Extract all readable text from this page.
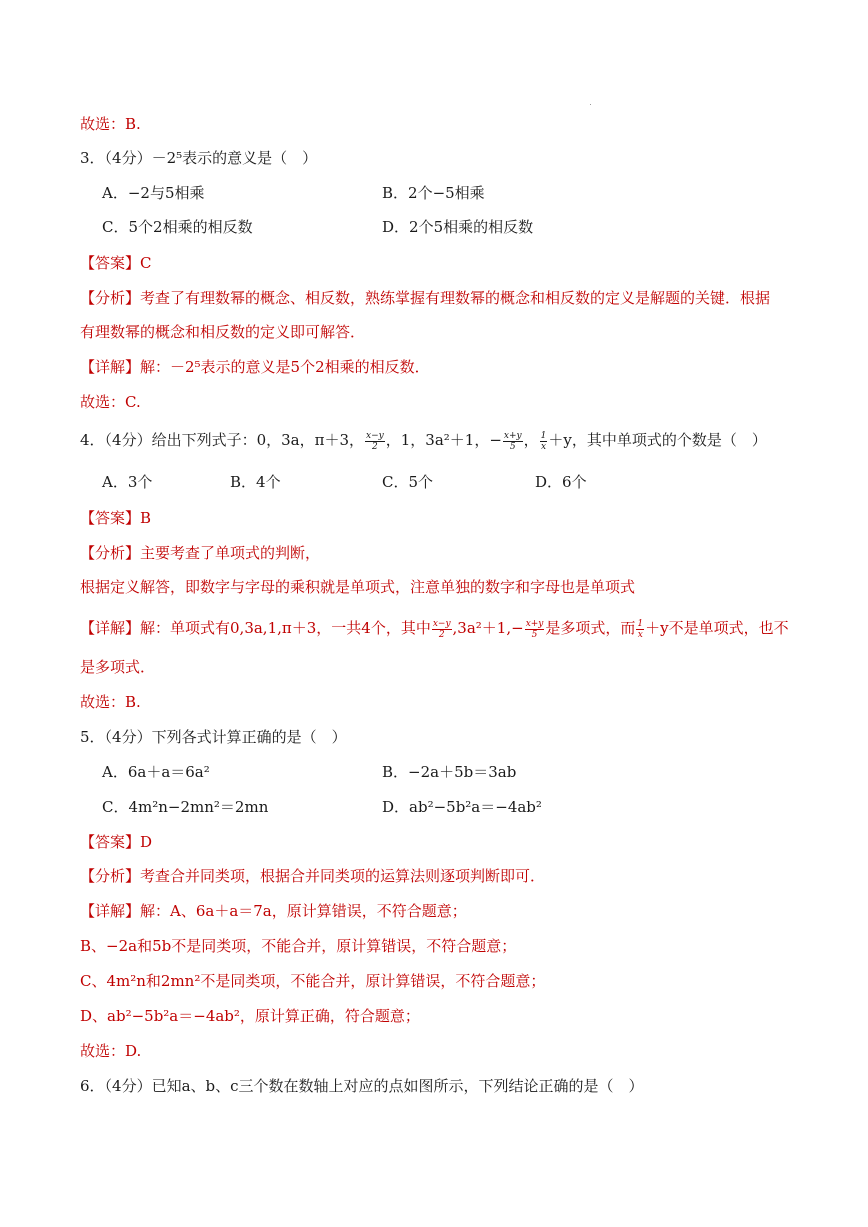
故选：B.
3．（4分）－2⁵表示的意义是（　）
A．−2与5相乘	B．2个−5相乘
C．5个2相乘的相反数	D．2个5相乘的相反数
【答案】C
【分析】考查了有理数幂的概念、相反数，熟练掌握有理数幂的概念和相反数的定义是解题的关键．根据
有理数幂的概念和相反数的定义即可解答．
【详解】解：－2⁵表示的意义是5个2相乘的相反数．
故选：C.
4．（4分）给出下列式子：0，3a，π＋3， $\frac{x-y}{2}$ ，1，3a²＋1，− $\frac{x+y}{5}$ ， $\frac{1}{x} +y$，其中单项式的个数是（　）
A．3个	B．4个	C．5个	D．6个
【答案】B
【分析】主要考查了单项式的判断，
根据定义解答，即数字与字母的乘积就是单项式，注意单独的数字和字母也是单项式
【详解】解：单项式有0,3a,1,π＋3，一共4个，其中 $\frac{x-y}{2} ,3a^2+1,- \frac{x+y}{5}$ 是多项式，而 $\frac{1}{x} +y$不是单项式，也不
是多项式．
故选：B.
5．（4分）下列各式计算正确的是（　）
A．6a＋a＝6a²	B．−2a＋5b＝3ab
C．4m²n−2mn²＝2mn	D．ab²−5b²a＝−4ab²
【答案】D
【分析】考查合并同类项，根据合并同类项的运算法则逐项判断即可．
【详解】解：A、6a＋a＝7a，原计算错误，不符合题意；
B、−2a和5b不是同类项，不能合并，原计算错误，不符合题意；
C、4m²n和2mn²不是同类项，不能合并，原计算错误，不符合题意；
D、ab²−5b²a＝−4ab²，原计算正确，符合题意；
故选：D.
6．（4分）已知a、b、c三个数在数轴上对应的点如图所示，下列结论正确的是（　）
